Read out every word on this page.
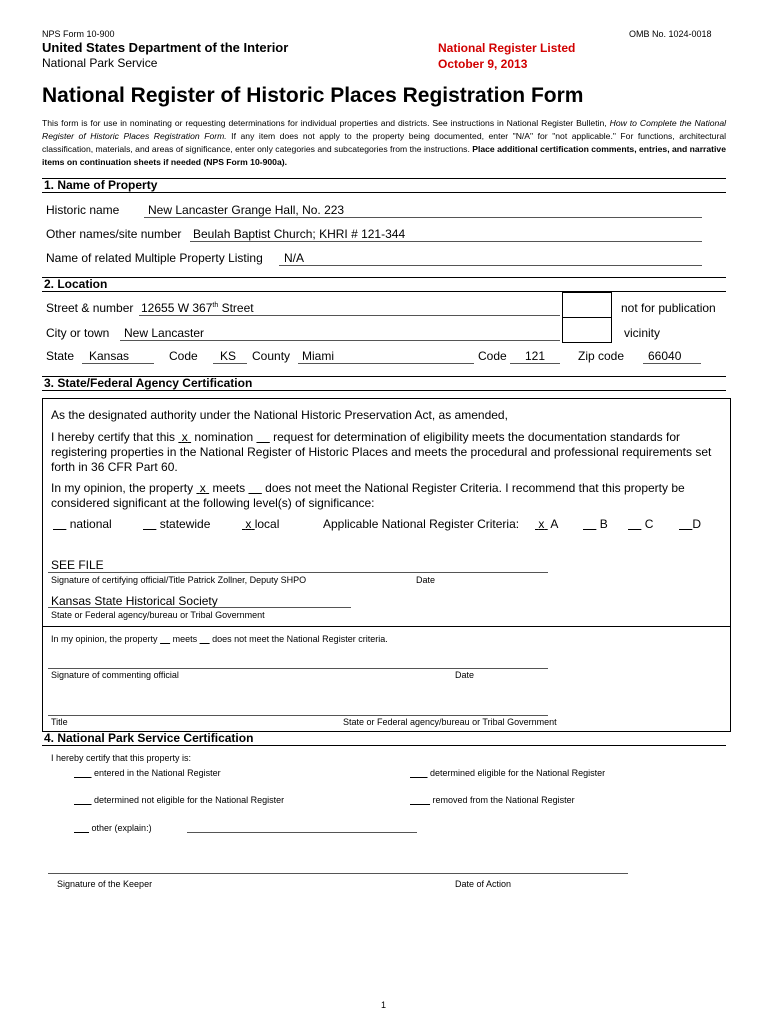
NPS Form 10-900	OMB No. 1024-0018
United States Department of the Interior
National Park Service
National Register Listed
October 9, 2013
National Register of Historic Places Registration Form
This form is for use in nominating or requesting determinations for individual properties and districts. See instructions in National Register Bulletin, How to Complete the National Register of Historic Places Registration Form. If any item does not apply to the property being documented, enter "N/A" for "not applicable." For functions, architectural classification, materials, and areas of significance, enter only categories and subcategories from the instructions. Place additional certification comments, entries, and narrative items on continuation sheets if needed (NPS Form 10-900a).
1. Name of Property
Historic name New Lancaster Grange Hall, No. 223
Other names/site number Beulah Baptist Church; KHRI # 121-344
Name of related Multiple Property Listing N/A
2. Location
Street & number 12655 W 367th Street	not for publication
City or town New Lancaster	vicinity
State Kansas	Code KS County Miami	Code 121	Zip code 66040
3. State/Federal Agency Certification
As the designated authority under the National Historic Preservation Act, as amended,
I hereby certify that this  x  nomination      request for determination of eligibility meets the documentation standards for registering properties in the National Register of Historic Places and meets the procedural and professional requirements set forth in 36 CFR Part 60.
In my opinion, the property  x  meets      does not meet the National Register Criteria. I recommend that this property be considered significant at the following level(s) of significance:
national	statewide	x local	Applicable National Register Criteria: x A	B	C	D
SEE FILE
Signature of certifying official/Title Patrick Zollner, Deputy SHPO	Date
Kansas State Historical Society
State or Federal agency/bureau or Tribal Government
In my opinion, the property      meets      does not meet the National Register criteria.
Signature of commenting official	Date
Title	State or Federal agency/bureau or Tribal Government
4. National Park Service Certification
I hereby certify that this property is:
entered in the National Register	determined eligible for the National Register
determined not eligible for the National Register	removed from the National Register
other (explain:)
Signature of the Keeper	Date of Action
1
